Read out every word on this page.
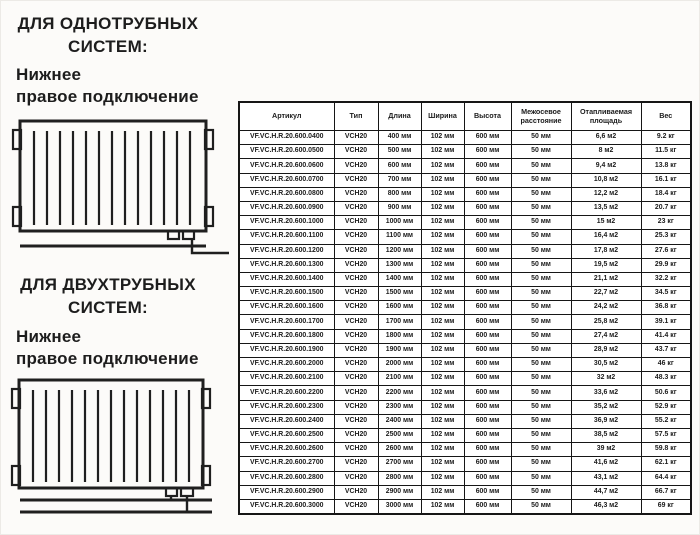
ДЛЯ ОДНОТРУБНЫХ
СИСТЕМ:
Нижнее
правое подключение
ДЛЯ ДВУХТРУБНЫХ
СИСТЕМ:
Нижнее
правое подключение
Артикул	Тип	Длина	Ширина	Высота	Межосевое расстояние	Отапливаемая площадь	Вес
VF.VC.H.R.20.600.0400	VCH20	400 мм	102 мм	600 мм	50 мм	6,6 м2	9.2 кг
VF.VC.H.R.20.600.0500	VCH20	500 мм	102 мм	600 мм	50 мм	8 м2	11.5 кг
VF.VC.H.R.20.600.0600	VCH20	600 мм	102 мм	600 мм	50 мм	9,4 м2	13.8 кг
VF.VC.H.R.20.600.0700	VCH20	700 мм	102 мм	600 мм	50 мм	10,8 м2	16.1 кг
VF.VC.H.R.20.600.0800	VCH20	800 мм	102 мм	600 мм	50 мм	12,2 м2	18.4 кг
VF.VC.H.R.20.600.0900	VCH20	900 мм	102 мм	600 мм	50 мм	13,5 м2	20.7 кг
VF.VC.H.R.20.600.1000	VCH20	1000 мм	102 мм	600 мм	50 мм	15 м2	23 кг
VF.VC.H.R.20.600.1100	VCH20	1100 мм	102 мм	600 мм	50 мм	16,4 м2	25.3 кг
VF.VC.H.R.20.600.1200	VCH20	1200 мм	102 мм	600 мм	50 мм	17,8 м2	27.6 кг
VF.VC.H.R.20.600.1300	VCH20	1300 мм	102 мм	600 мм	50 мм	19,5 м2	29.9 кг
VF.VC.H.R.20.600.1400	VCH20	1400 мм	102 мм	600 мм	50 мм	21,1 м2	32.2 кг
VF.VC.H.R.20.600.1500	VCH20	1500 мм	102 мм	600 мм	50 мм	22,7 м2	34.5 кг
VF.VC.H.R.20.600.1600	VCH20	1600 мм	102 мм	600 мм	50 мм	24,2 м2	36.8 кг
VF.VC.H.R.20.600.1700	VCH20	1700 мм	102 мм	600 мм	50 мм	25,8 м2	39.1 кг
VF.VC.H.R.20.600.1800	VCH20	1800 мм	102 мм	600 мм	50 мм	27,4 м2	41.4 кг
VF.VC.H.R.20.600.1900	VCH20	1900 мм	102 мм	600 мм	50 мм	28,9 м2	43.7 кг
VF.VC.H.R.20.600.2000	VCH20	2000 мм	102 мм	600 мм	50 мм	30,5 м2	46 кг
VF.VC.H.R.20.600.2100	VCH20	2100 мм	102 мм	600 мм	50 мм	32 м2	48.3 кг
VF.VC.H.R.20.600.2200	VCH20	2200 мм	102 мм	600 мм	50 мм	33,6 м2	50.6 кг
VF.VC.H.R.20.600.2300	VCH20	2300 мм	102 мм	600 мм	50 мм	35,2 м2	52.9 кг
VF.VC.H.R.20.600.2400	VCH20	2400 мм	102 мм	600 мм	50 мм	36,9 м2	55.2 кг
VF.VC.H.R.20.600.2500	VCH20	2500 мм	102 мм	600 мм	50 мм	38,5 м2	57.5 кг
VF.VC.H.R.20.600.2600	VCH20	2600 мм	102 мм	600 мм	50 мм	39 м2	59.8 кг
VF.VC.H.R.20.600.2700	VCH20	2700 мм	102 мм	600 мм	50 мм	41,6 м2	62.1 кг
VF.VC.H.R.20.600.2800	VCH20	2800 мм	102 мм	600 мм	50 мм	43,1 м2	64.4 кг
VF.VC.H.R.20.600.2900	VCH20	2900 мм	102 мм	600 мм	50 мм	44,7 м2	66.7 кг
VF.VC.H.R.20.600.3000	VCH20	3000 мм	102 мм	600 мм	50 мм	46,3 м2	69 кг
